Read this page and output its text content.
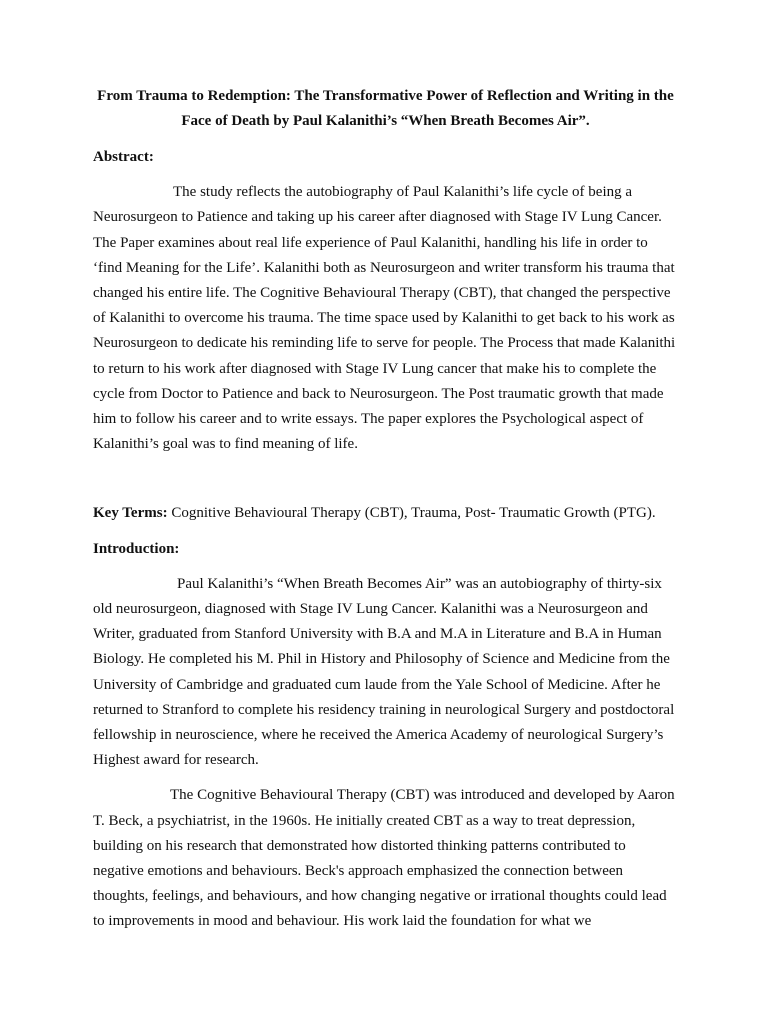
From Trauma to Redemption: The Transformative Power of Reflection and Writing in the Face of Death by Paul Kalanithi’s “When Breath Becomes Air”.

Abstract:

The study reflects the autobiography of Paul Kalanithi’s life cycle of being a Neurosurgeon to Patience and taking up his career after diagnosed with Stage IV Lung Cancer. The Paper examines about real life experience of Paul Kalanithi, handling his life in order to ‘find Meaning for the Life’. Kalanithi both as Neurosurgeon and writer transform his trauma that changed his entire life. The Cognitive Behavioural Therapy (CBT), that changed the perspective of Kalanithi to overcome his trauma. The time space used by Kalanithi to get back to his work as Neurosurgeon to dedicate his reminding life to serve for people. The Process that made Kalanithi to return to his work after diagnosed with Stage IV Lung cancer that make his to complete the cycle from Doctor to Patience and back to Neurosurgeon. The Post traumatic growth that made him to follow his career and to write essays. The paper explores the Psychological aspect of Kalanithi’s goal was to find meaning of life.

Key Terms: Cognitive Behavioural Therapy (CBT), Trauma, Post- Traumatic Growth (PTG).

Introduction:

Paul Kalanithi’s “When Breath Becomes Air” was an autobiography of thirty-six old neurosurgeon, diagnosed with Stage IV Lung Cancer. Kalanithi was a Neurosurgeon and Writer, graduated from Stanford University with B.A and M.A in Literature and B.A in Human Biology. He completed his M. Phil in History and Philosophy of Science and Medicine from the University of Cambridge and graduated cum laude from the Yale School of Medicine. After he returned to Stranford to complete his residency training in neurological Surgery and postdoctoral fellowship in neuroscience, where he received the America Academy of neurological Surgery’s Highest award for research.

The Cognitive Behavioural Therapy (CBT) was introduced and developed by Aaron T. Beck, a psychiatrist, in the 1960s. He initially created CBT as a way to treat depression, building on his research that demonstrated how distorted thinking patterns contributed to negative emotions and behaviours. Beck's approach emphasized the connection between thoughts, feelings, and behaviours, and how changing negative or irrational thoughts could lead to improvements in mood and behaviour. His work laid the foundation for what we
